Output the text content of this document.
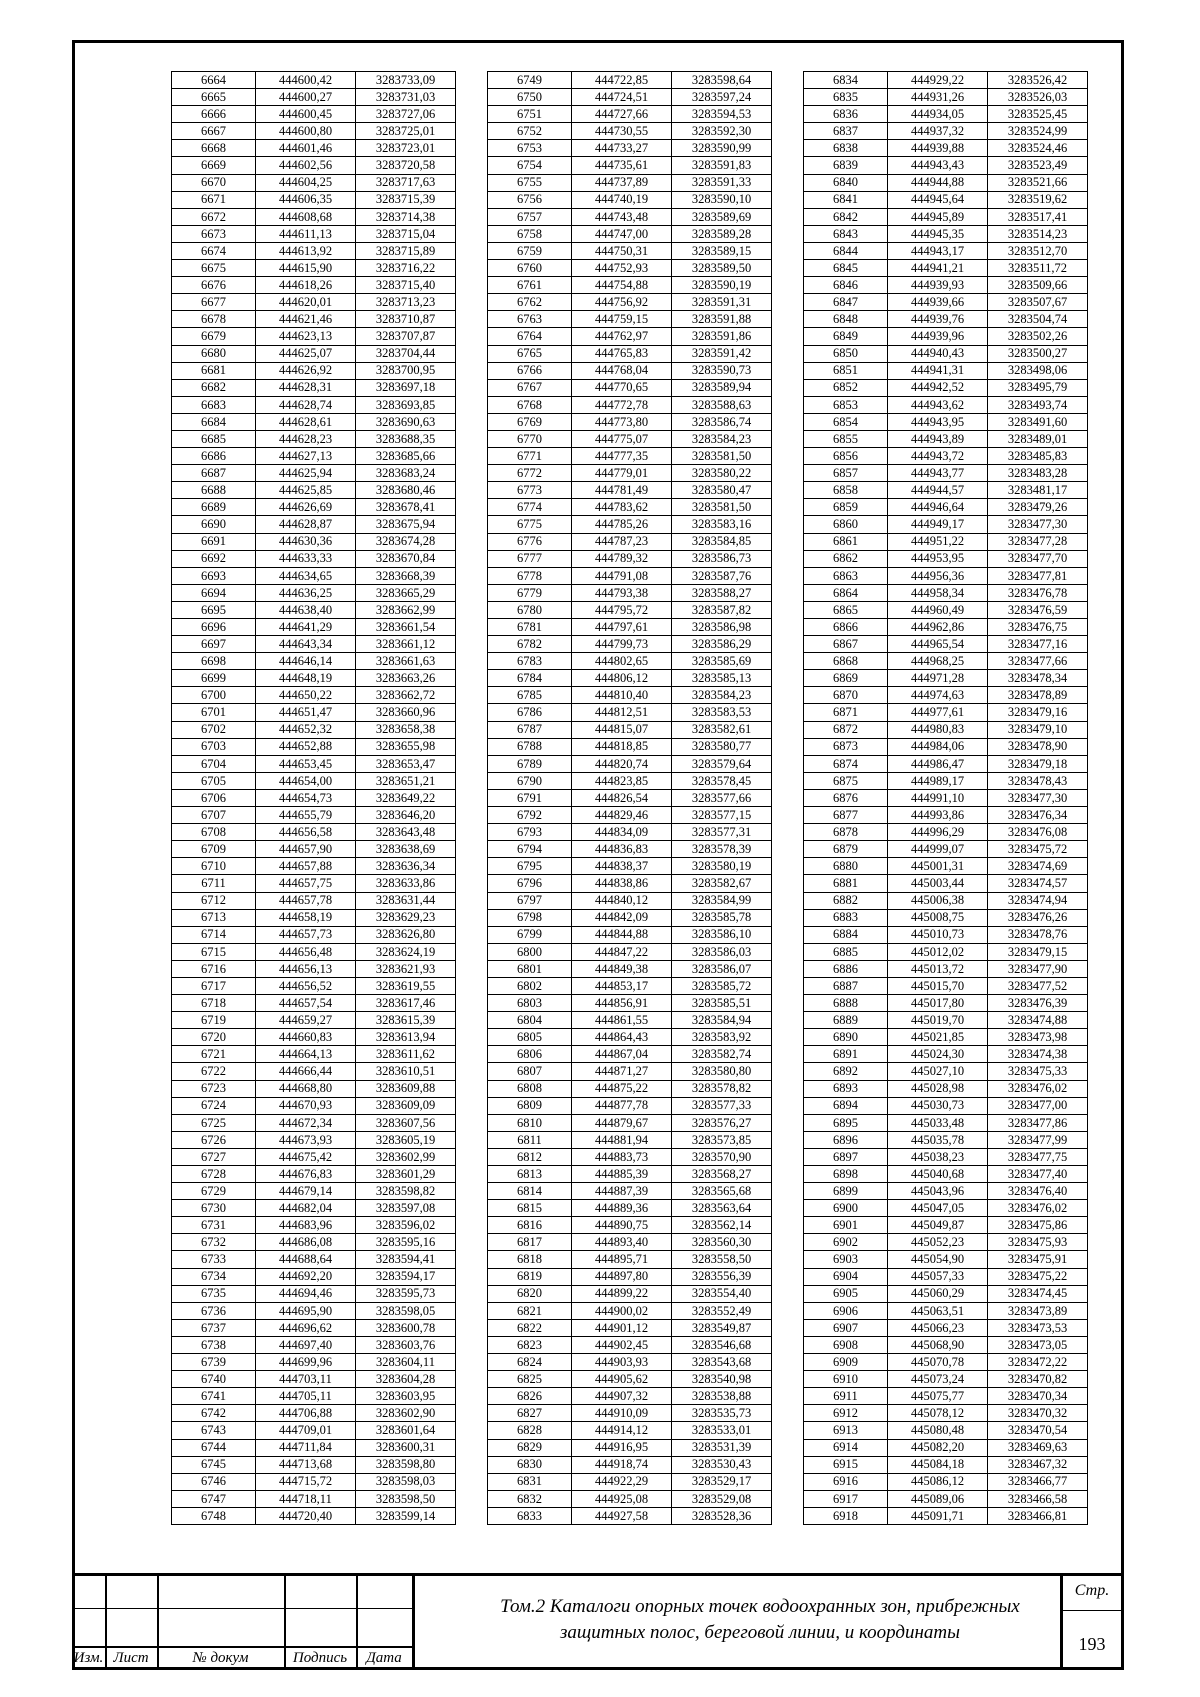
6664	444600,42	3283733,09
6665	444600,27	3283731,03
6666	444600,45	3283727,06
6667	444600,80	3283725,01
6668	444601,46	3283723,01
6669	444602,56	3283720,58
6670	444604,25	3283717,63
6671	444606,35	3283715,39
6672	444608,68	3283714,38
6673	444611,13	3283715,04
6674	444613,92	3283715,89
6675	444615,90	3283716,22
6676	444618,26	3283715,40
6677	444620,01	3283713,23
6678	444621,46	3283710,87
6679	444623,13	3283707,87
6680	444625,07	3283704,44
6681	444626,92	3283700,95
6682	444628,31	3283697,18
6683	444628,74	3283693,85
6684	444628,61	3283690,63
6685	444628,23	3283688,35
6686	444627,13	3283685,66
6687	444625,94	3283683,24
6688	444625,85	3283680,46
6689	444626,69	3283678,41
6690	444628,87	3283675,94
6691	444630,36	3283674,28
6692	444633,33	3283670,84
6693	444634,65	3283668,39
6694	444636,25	3283665,29
6695	444638,40	3283662,99
6696	444641,29	3283661,54
6697	444643,34	3283661,12
6698	444646,14	3283661,63
6699	444648,19	3283663,26
6700	444650,22	3283662,72
6701	444651,47	3283660,96
6702	444652,32	3283658,38
6703	444652,88	3283655,98
6704	444653,45	3283653,47
6705	444654,00	3283651,21
6706	444654,73	3283649,22
6707	444655,79	3283646,20
6708	444656,58	3283643,48
6709	444657,90	3283638,69
6710	444657,88	3283636,34
6711	444657,75	3283633,86
6712	444657,78	3283631,44
6713	444658,19	3283629,23
6714	444657,73	3283626,80
6715	444656,48	3283624,19
6716	444656,13	3283621,93
6717	444656,52	3283619,55
6718	444657,54	3283617,46
6719	444659,27	3283615,39
6720	444660,83	3283613,94
6721	444664,13	3283611,62
6722	444666,44	3283610,51
6723	444668,80	3283609,88
6724	444670,93	3283609,09
6725	444672,34	3283607,56
6726	444673,93	3283605,19
6727	444675,42	3283602,99
6728	444676,83	3283601,29
6729	444679,14	3283598,82
6730	444682,04	3283597,08
6731	444683,96	3283596,02
6732	444686,08	3283595,16
6733	444688,64	3283594,41
6734	444692,20	3283594,17
6735	444694,46	3283595,73
6736	444695,90	3283598,05
6737	444696,62	3283600,78
6738	444697,40	3283603,76
6739	444699,96	3283604,11
6740	444703,11	3283604,28
6741	444705,11	3283603,95
6742	444706,88	3283602,90
6743	444709,01	3283601,64
6744	444711,84	3283600,31
6745	444713,68	3283598,80
6746	444715,72	3283598,03
6747	444718,11	3283598,50
6748	444720,40	3283599,14
6749	444722,85	3283598,64
6750	444724,51	3283597,24
6751	444727,66	3283594,53
6752	444730,55	3283592,30
6753	444733,27	3283590,99
6754	444735,61	3283591,83
6755	444737,89	3283591,33
6756	444740,19	3283590,10
6757	444743,48	3283589,69
6758	444747,00	3283589,28
6759	444750,31	3283589,15
6760	444752,93	3283589,50
6761	444754,88	3283590,19
6762	444756,92	3283591,31
6763	444759,15	3283591,88
6764	444762,97	3283591,86
6765	444765,83	3283591,42
6766	444768,04	3283590,73
6767	444770,65	3283589,94
6768	444772,78	3283588,63
6769	444773,80	3283586,74
6770	444775,07	3283584,23
6771	444777,35	3283581,50
6772	444779,01	3283580,22
6773	444781,49	3283580,47
6774	444783,62	3283581,50
6775	444785,26	3283583,16
6776	444787,23	3283584,85
6777	444789,32	3283586,73
6778	444791,08	3283587,76
6779	444793,38	3283588,27
6780	444795,72	3283587,82
6781	444797,61	3283586,98
6782	444799,73	3283586,29
6783	444802,65	3283585,69
6784	444806,12	3283585,13
6785	444810,40	3283584,23
6786	444812,51	3283583,53
6787	444815,07	3283582,61
6788	444818,85	3283580,77
6789	444820,74	3283579,64
6790	444823,85	3283578,45
6791	444826,54	3283577,66
6792	444829,46	3283577,15
6793	444834,09	3283577,31
6794	444836,83	3283578,39
6795	444838,37	3283580,19
6796	444838,86	3283582,67
6797	444840,12	3283584,99
6798	444842,09	3283585,78
6799	444844,88	3283586,10
6800	444847,22	3283586,03
6801	444849,38	3283586,07
6802	444853,17	3283585,72
6803	444856,91	3283585,51
6804	444861,55	3283584,94
6805	444864,43	3283583,92
6806	444867,04	3283582,74
6807	444871,27	3283580,80
6808	444875,22	3283578,82
6809	444877,78	3283577,33
6810	444879,67	3283576,27
6811	444881,94	3283573,85
6812	444883,73	3283570,90
6813	444885,39	3283568,27
6814	444887,39	3283565,68
6815	444889,36	3283563,64
6816	444890,75	3283562,14
6817	444893,40	3283560,30
6818	444895,71	3283558,50
6819	444897,80	3283556,39
6820	444899,22	3283554,40
6821	444900,02	3283552,49
6822	444901,12	3283549,87
6823	444902,45	3283546,68
6824	444903,93	3283543,68
6825	444905,62	3283540,98
6826	444907,32	3283538,88
6827	444910,09	3283535,73
6828	444914,12	3283533,01
6829	444916,95	3283531,39
6830	444918,74	3283530,43
6831	444922,29	3283529,17
6832	444925,08	3283529,08
6833	444927,58	3283528,36
6834	444929,22	3283526,42
6835	444931,26	3283526,03
6836	444934,05	3283525,45
6837	444937,32	3283524,99
6838	444939,88	3283524,46
6839	444943,43	3283523,49
6840	444944,88	3283521,66
6841	444945,64	3283519,62
6842	444945,89	3283517,41
6843	444945,35	3283514,23
6844	444943,17	3283512,70
6845	444941,21	3283511,72
6846	444939,93	3283509,66
6847	444939,66	3283507,67
6848	444939,76	3283504,74
6849	444939,96	3283502,26
6850	444940,43	3283500,27
6851	444941,31	3283498,06
6852	444942,52	3283495,79
6853	444943,62	3283493,74
6854	444943,95	3283491,60
6855	444943,89	3283489,01
6856	444943,72	3283485,83
6857	444943,77	3283483,28
6858	444944,57	3283481,17
6859	444946,64	3283479,26
6860	444949,17	3283477,30
6861	444951,22	3283477,28
6862	444953,95	3283477,70
6863	444956,36	3283477,81
6864	444958,34	3283476,78
6865	444960,49	3283476,59
6866	444962,86	3283476,75
6867	444965,54	3283477,16
6868	444968,25	3283477,66
6869	444971,28	3283478,34
6870	444974,63	3283478,89
6871	444977,61	3283479,16
6872	444980,83	3283479,10
6873	444984,06	3283478,90
6874	444986,47	3283479,18
6875	444989,17	3283478,43
6876	444991,10	3283477,30
6877	444993,86	3283476,34
6878	444996,29	3283476,08
6879	444999,07	3283475,72
6880	445001,31	3283474,69
6881	445003,44	3283474,57
6882	445006,38	3283474,94
6883	445008,75	3283476,26
6884	445010,73	3283478,76
6885	445012,02	3283479,15
6886	445013,72	3283477,90
6887	445015,70	3283477,52
6888	445017,80	3283476,39
6889	445019,70	3283474,88
6890	445021,85	3283473,98
6891	445024,30	3283474,38
6892	445027,10	3283475,33
6893	445028,98	3283476,02
6894	445030,73	3283477,00
6895	445033,48	3283477,86
6896	445035,78	3283477,99
6897	445038,23	3283477,75
6898	445040,68	3283477,40
6899	445043,96	3283476,40
6900	445047,05	3283476,02
6901	445049,87	3283475,86
6902	445052,23	3283475,93
6903	445054,90	3283475,91
6904	445057,33	3283475,22
6905	445060,29	3283474,45
6906	445063,51	3283473,89
6907	445066,23	3283473,53
6908	445068,90	3283473,05
6909	445070,78	3283472,22
6910	445073,24	3283470,82
6911	445075,77	3283470,34
6912	445078,12	3283470,32
6913	445080,48	3283470,54
6914	445082,20	3283469,63
6915	445084,18	3283467,32
6916	445086,12	3283466,77
6917	445089,06	3283466,58
6918	445091,71	3283466,81
Изм. Лист	№ докум	Подпись	Дата
Том.2 Каталоги опорных точек водоохранных зон, прибрежных защитных полос, береговой линии, и координаты
Стр.
193
